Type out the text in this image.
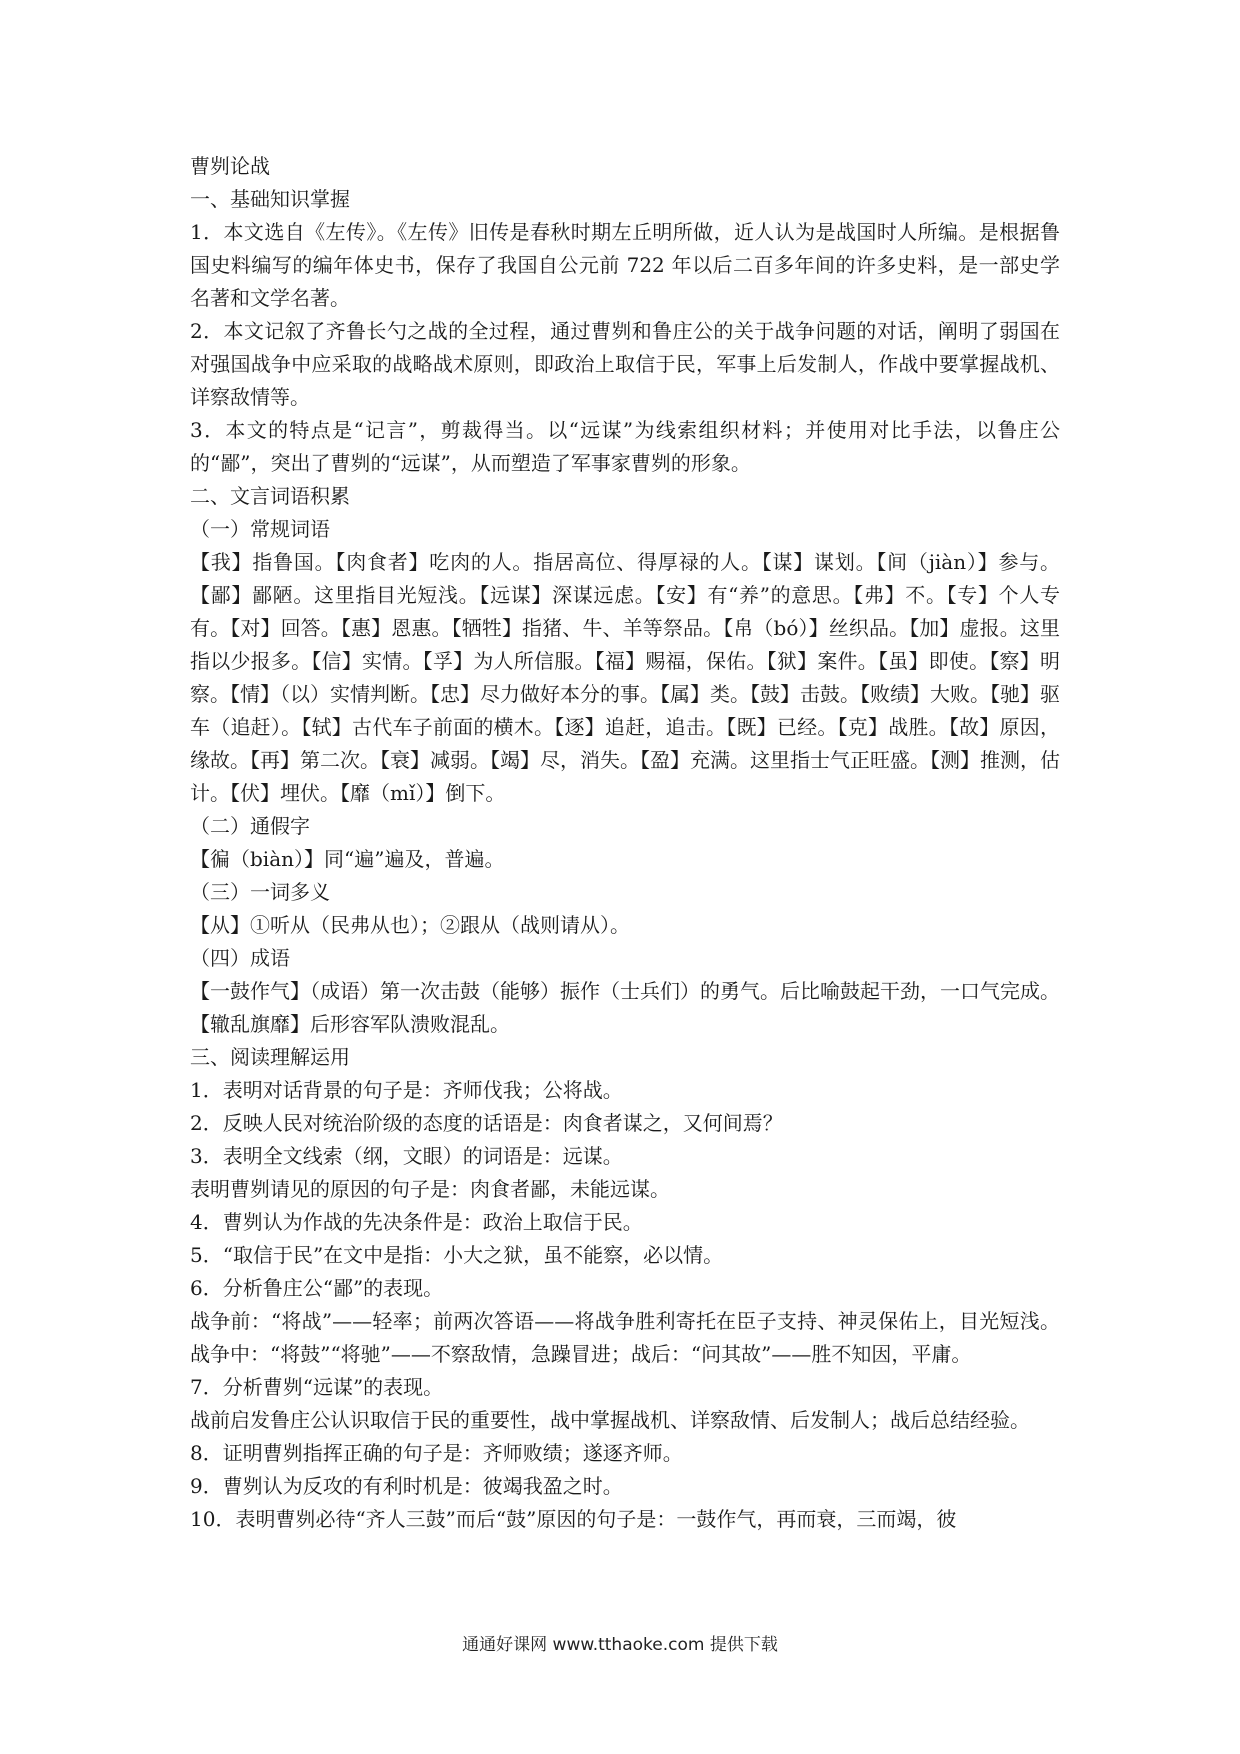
曹刿论战
一、基础知识掌握
1．本文选自《左传》。《左传》旧传是春秋时期左丘明所做，近人认为是战国时人所编。是根据鲁国史料编写的编年体史书，保存了我国自公元前 722 年以后二百多年间的许多史料，是一部史学名著和文学名著。
2．本文记叙了齐鲁长勺之战的全过程，通过曹刿和鲁庄公的关于战争问题的对话，阐明了弱国在对强国战争中应采取的战略战术原则，即政治上取信于民，军事上后发制人，作战中要掌握战机、详察敌情等。
3．本文的特点是“记言”，剪裁得当。以“远谋”为线索组织材料；并使用对比手法，以鲁庄公的“鄙”，突出了曹刿的“远谋”，从而塑造了军事家曹刿的形象。
二、文言词语积累
（一）常规词语
【我】指鲁国。【肉食者】吃肉的人。指居高位、得厚禄的人。【谋】谋划。【间（jiàn）】参与。【鄙】鄙陋。这里指目光短浅。【远谋】深谋远虑。【安】有“养”的意思。【弗】不。【专】个人专有。【对】回答。【惠】恩惠。【牺牲】指猪、牛、羊等祭品。【帛（bó）】丝织品。【加】虚报。这里指以少报多。【信】实情。【孚】为人所信服。【福】赐福，保佑。【狱】案件。【虽】即使。【察】明察。【情】（以）实情判断。【忠】尽力做好本分的事。【属】类。【鼓】击鼓。【败绩】大败。【驰】驱车（追赶）。【轼】古代车子前面的横木。【逐】追赶，追击。【既】已经。【克】战胜。【故】原因，缘故。【再】第二次。【衰】减弱。【竭】尽，消失。【盈】充满。这里指士气正旺盛。【测】推测，估计。【伏】埋伏。【靡（mǐ）】倒下。
（二）通假字
【徧（biàn）】同“遍”遍及，普遍。
（三）一词多义
【从】①听从（民弗从也）；②跟从（战则请从）。
（四）成语
【一鼓作气】（成语）第一次击鼓（能够）振作（士兵们）的勇气。后比喻鼓起干劲，一口气完成。【辙乱旗靡】后形容军队溃败混乱。
三、阅读理解运用
1．表明对话背景的句子是：齐师伐我；公将战。
2．反映人民对统治阶级的态度的话语是：肉食者谋之，又何间焉？
3．表明全文线索（纲，文眼）的词语是：远谋。
表明曹刿请见的原因的句子是：肉食者鄙，未能远谋。
4．曹刿认为作战的先决条件是：政治上取信于民。
5．“取信于民”在文中是指：小大之狱，虽不能察，必以情。
6．分析鲁庄公“鄙”的表现。
战争前：“将战”——轻率；前两次答语——将战争胜利寄托在臣子支持、神灵保佑上，目光短浅。战争中：“将鼓”“将驰”——不察敌情，急躁冒进；战后：“问其故”——胜不知因，平庸。
7．分析曹刿“远谋”的表现。
战前启发鲁庄公认识取信于民的重要性，战中掌握战机、详察敌情、后发制人；战后总结经验。
8．证明曹刿指挥正确的句子是：齐师败绩；遂逐齐师。
9．曹刿认为反攻的有利时机是：彼竭我盈之时。
10．表明曹刿必待“齐人三鼓”而后“鼓”原因的句子是：一鼓作气，再而衰，三而竭，彼
通通好课网 www.tthaoke.com 提供下载
